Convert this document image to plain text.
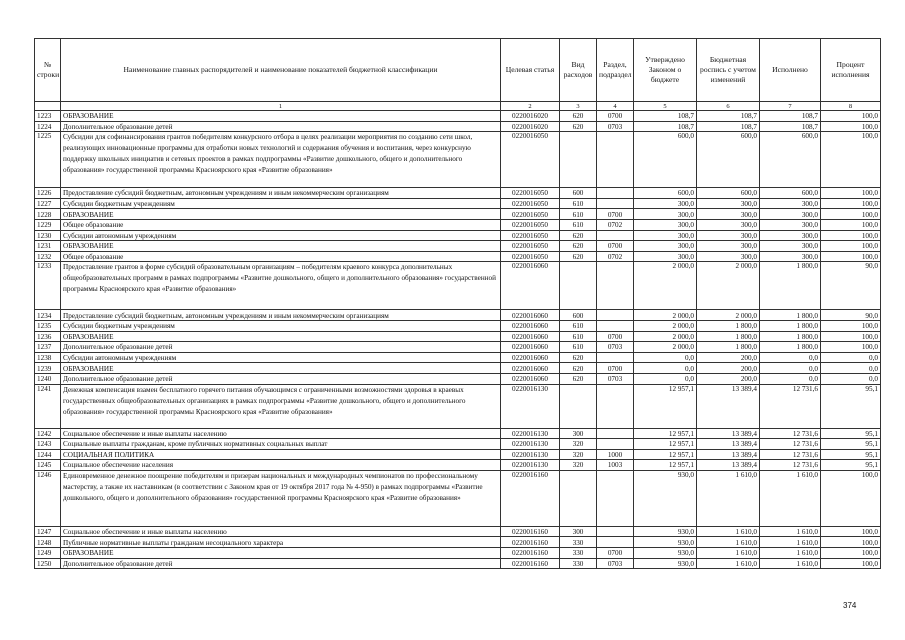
№ строки	Наименование главных распорядителей и наименование показателей бюджетной классификации	Целевая статья	Вид расходов	Раздел, подраздел	Утверждено Законом о бюджете	Бюджетная роспись с учетом изменений	Исполнено	Процент исполнения
	1	2	3	4	5	6	7	8
1223	ОБРАЗОВАНИЕ	0220016020	620	0700	108,7	108,7	108,7	100,0
1224	Дополнительное образование детей	0220016020	620	0703	108,7	108,7	108,7	100,0
1225	Субсидии для софинансирования грантов победителям конкурсного отбора в целях реализации мероприятия по созданию сети школ, реализующих инновационные программы для отработки новых технологий и содержания обучения и воспитания, через конкурсную поддержку школьных инициатив и сетевых проектов в рамках подпрограммы «Развитие дошкольного, общего и дополнительного образования» государственной программы Красноярского края «Развитие образования»	0220016050			600,0	600,0	600,0	100,0
1226	Предоставление субсидий бюджетным, автономным учреждениям и иным некоммерческим организациям	0220016050	600		600,0	600,0	600,0	100,0
1227	Субсидии бюджетным учреждениям	0220016050	610		300,0	300,0	300,0	100,0
1228	ОБРАЗОВАНИЕ	0220016050	610	0700	300,0	300,0	300,0	100,0
1229	Общее образование	0220016050	610	0702	300,0	300,0	300,0	100,0
1230	Субсидии автономным учреждениям	0220016050	620		300,0	300,0	300,0	100,0
1231	ОБРАЗОВАНИЕ	0220016050	620	0700	300,0	300,0	300,0	100,0
1232	Общее образование	0220016050	620	0702	300,0	300,0	300,0	100,0
1233	Предоставление грантов в форме субсидий образовательным организациям – победителям краевого конкурса дополнительных общеобразовательных программ в рамках подпрограммы «Развитие дошкольного, общего и дополнительного образования» государственной программы Красноярского края «Развитие образования»	0220016060			2 000,0	2 000,0	1 800,0	90,0
1234	Предоставление субсидий бюджетным, автономным учреждениям и иным некоммерческим организациям	0220016060	600		2 000,0	2 000,0	1 800,0	90,0
1235	Субсидии бюджетным учреждениям	0220016060	610		2 000,0	1 800,0	1 800,0	100,0
1236	ОБРАЗОВАНИЕ	0220016060	610	0700	2 000,0	1 800,0	1 800,0	100,0
1237	Дополнительное образование детей	0220016060	610	0703	2 000,0	1 800,0	1 800,0	100,0
1238	Субсидии автономным учреждениям	0220016060	620		0,0	200,0	0,0	0,0
1239	ОБРАЗОВАНИЕ	0220016060	620	0700	0,0	200,0	0,0	0,0
1240	Дополнительное образование детей	0220016060	620	0703	0,0	200,0	0,0	0,0
1241	Денежная компенсация взамен бесплатного горячего питания обучающимся с ограниченными возможностями здоровья в краевых государственных общеобразовательных организациях в рамках подпрограммы «Развитие дошкольного, общего и дополнительного образования» государственной программы Красноярского края «Развитие образования»	0220016130			12 957,1	13 389,4	12 731,6	95,1
1242	Социальное обеспечение и иные выплаты населению	0220016130	300		12 957,1	13 389,4	12 731,6	95,1
1243	Социальные выплаты гражданам, кроме публичных нормативных социальных выплат	0220016130	320		12 957,1	13 389,4	12 731,6	95,1
1244	СОЦИАЛЬНАЯ ПОЛИТИКА	0220016130	320	1000	12 957,1	13 389,4	12 731,6	95,1
1245	Социальное обеспечение населения	0220016130	320	1003	12 957,1	13 389,4	12 731,6	95,1
1246	Единовременное денежное поощрение победителям и призерам национальных и международных чемпионатов по профессиональному мастерству, а также их наставникам (в соответствии с Законом края от 19 октября 2017 года № 4-950) в рамках подпрограммы «Развитие дошкольного, общего и дополнительного образования» государственной программы Красноярского края «Развитие образования»	0220016160			930,0	1 610,0	1 610,0	100,0
1247	Социальное обеспечение и иные выплаты населению	0220016160	300		930,0	1 610,0	1 610,0	100,0
1248	Публичные нормативные выплаты гражданам несоциального характера	0220016160	330		930,0	1 610,0	1 610,0	100,0
1249	ОБРАЗОВАНИЕ	0220016160	330	0700	930,0	1 610,0	1 610,0	100,0
1250	Дополнительное образование детей	0220016160	330	0703	930,0	1 610,0	1 610,0	100,0
374
